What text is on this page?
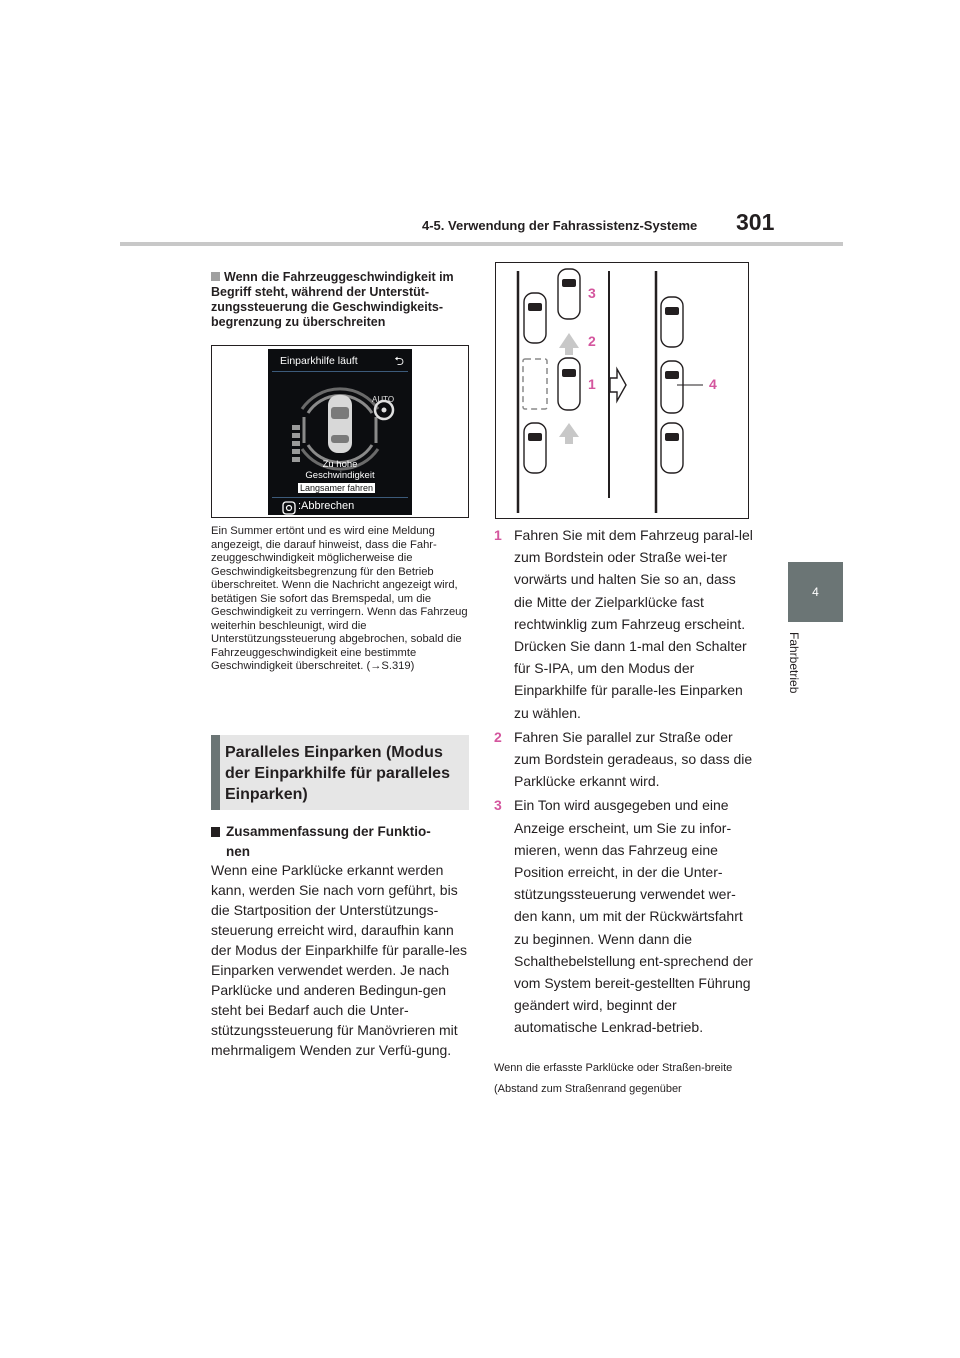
4-5. Verwendung der Fahrassistenz-Systeme 301
4
Fahrbetrieb
Wenn die Fahrzeuggeschwindigkeit im Begriff steht, während der Unterstüt-zungssteuerung die Geschwindigkeits-begrenzung zu überschreiten
Einparkhilfe läuft	⮌
AUTO
Zu hohe
Geschwindigkeit
Langsamer fahren
:Abbrechen
Ein Summer ertönt und es wird eine Meldung angezeigt, die darauf hinweist, dass die Fahr-zeuggeschwindigkeit möglicherweise die Geschwindigkeitsbegrenzung für den Betrieb überschreitet. Wenn die Nachricht angezeigt wird, betätigen Sie sofort das Bremspedal, um die Geschwindigkeit zu verringern. Wenn das Fahrzeug weiterhin beschleunigt, wird die Unterstützungssteuerung abgebrochen, sobald die Fahrzeuggeschwindigkeit eine bestimmte Geschwindigkeit überschreitet. (→S.319)
Paralleles Einparken (Modus der Einparkhilfe für paralleles Einparken)
Zusammenfassung der Funktio-
nen
Wenn eine Parklücke erkannt werden kann, werden Sie nach vorn geführt, bis die Startposition der Unterstützungs-steuerung erreicht wird, daraufhin kann der Modus der Einparkhilfe für paralle-les Einparken verwendet werden. Je nach Parklücke und anderen Bedingun-gen steht bei Bedarf auch die Unter-stützungssteuerung für Manövrieren mit mehrmaligem Wenden zur Verfü-gung.
3
2
1	4
1 Fahren Sie mit dem Fahrzeug paral-lel zum Bordstein oder Straße wei-ter vorwärts und halten Sie so an, dass die Mitte der Zielparklücke fast rechtwinklig zum Fahrzeug erscheint. Drücken Sie dann 1-mal den Schalter für S-IPA, um den Modus der Einparkhilfe für paralle-les Einparken zu wählen.
2 Fahren Sie parallel zur Straße oder zum Bordstein geradeaus, so dass die Parklücke erkannt wird.
3 Ein Ton wird ausgegeben und eine Anzeige erscheint, um Sie zu infor-mieren, wenn das Fahrzeug eine Position erreicht, in der die Unter-stützungssteuerung verwendet wer-den kann, um mit der Rückwärtsfahrt zu beginnen. Wenn dann die Schalthebelstellung ent-sprechend der vom System bereit-gestellten Führung geändert wird, beginnt der automatische Lenkrad-betrieb.
Wenn die erfasste Parklücke oder Straßen-breite (Abstand zum Straßenrand gegenüber
